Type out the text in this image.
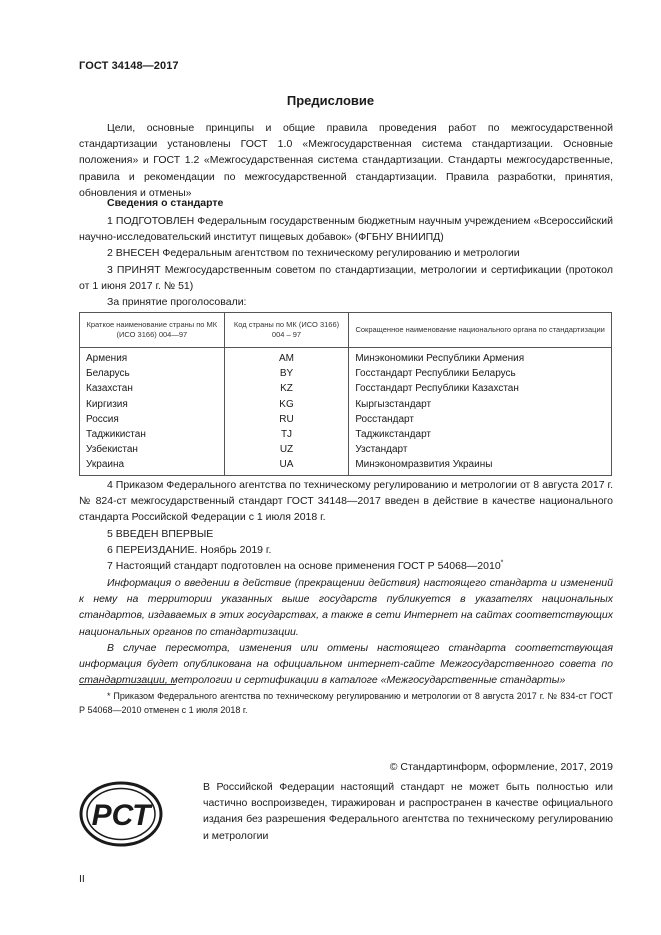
ГОСТ 34148—2017
Предисловие

Цели, основные принципы и общие правила проведения работ по межгосударственной стандартизации установлены ГОСТ 1.0 «Межгосударственная система стандартизации. Основные положения» и ГОСТ 1.2 «Межгосударственная система стандартизации. Стандарты межгосударственные, правила и рекомендации по межгосударственной стандартизации. Правила разработки, принятия, обновления и отмены»

Сведения о стандарте

1 ПОДГОТОВЛЕН Федеральным государственным бюджетным научным учреждением «Всероссийский научно-исследовательский институт пищевых добавок» (ФГБНУ ВНИИПД)

2 ВНЕСЕН Федеральным агентством по техническому регулированию и метрологии

3 ПРИНЯТ Межгосударственным советом по стандартизации, метрологии и сертификации (протокол от 1 июня 2017 г. № 51)

За принятие проголосовали:
Краткое наименование страны по МК (ИСО 3166) 004—97	Код страны по МК (ИСО 3166) 004 – 97	Сокращенное наименование национального органа по стандартизации
Армения	AM	Минэкономики Республики Армения
Беларусь	BY	Госстандарт Республики Беларусь
Казахстан	KZ	Госстандарт Республики Казахстан
Киргизия	KG	Кыргызстандарт
Россия	RU	Росстандарт
Таджикистан	TJ	Таджикстандарт
Узбекистан	UZ	Узстандарт
Украина	UA	Минэкономразвития Украины

4 Приказом Федерального агентства по техническому регулированию и метрологии от 8 августа 2017 г. № 824-ст межгосударственный стандарт ГОСТ 34148—2017 введен в действие в качестве национального стандарта Российской Федерации с 1 июля 2018 г.

5 ВВЕДЕН ВПЕРВЫЕ

6 ПЕРЕИЗДАНИЕ. Ноябрь 2019 г.

7 Настоящий стандарт подготовлен на основе применения ГОСТ Р 54068—2010*

Информация о введении в действие (прекращении действия) настоящего стандарта и изменений к нему на территории указанных выше государств публикуется в указателях национальных стандартов, издаваемых в этих государствах, а также в сети Интернет на сайтах соответствующих национальных органов по стандартизации.

В случае пересмотра, изменения или отмены настоящего стандарта соответствующая информация будет опубликована на официальном интернет-сайте Межгосударственного совета по стандартизации, метрологии и сертификации в каталоге «Межгосударственные стандарты»

* Приказом Федерального агентства по техническому регулированию и метрологии от 8 августа 2017 г. № 834-ст ГОСТ Р 54068—2010 отменен с 1 июля 2018 г.

© Стандартинформ, оформление, 2017, 2019
РСТ

В Российской Федерации настоящий стандарт не может быть полностью или частично воспроизведен, тиражирован и распространен в качестве официального издания без разрешения Федерального агентства по техническому регулированию и метрологии

II
